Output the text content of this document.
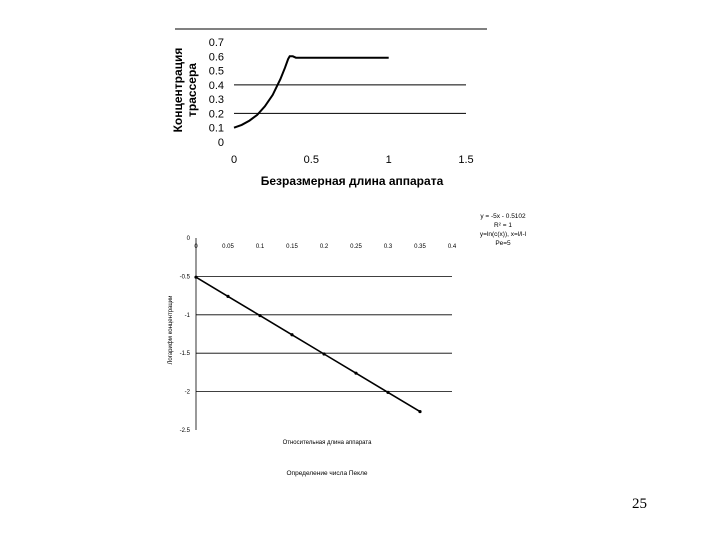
0
0.1
0.2
0.3
0.4
0.5
0.6
0.7
0	0.5	1	1.5
Безразмерная длина аппарата
Концентрация трассера
0
-0.5
-1
-1.5
-2
-2.5
0	0.05	0.1	0.15	0.2	0.25	0.3	0.35	0.4
y = -5x - 0.5102
R² = 1
y=ln(c(x)), x=l/l-l
Pe=5
Относительная длина аппарата
Определение числа Пекле
Логарифм концентрации
25
